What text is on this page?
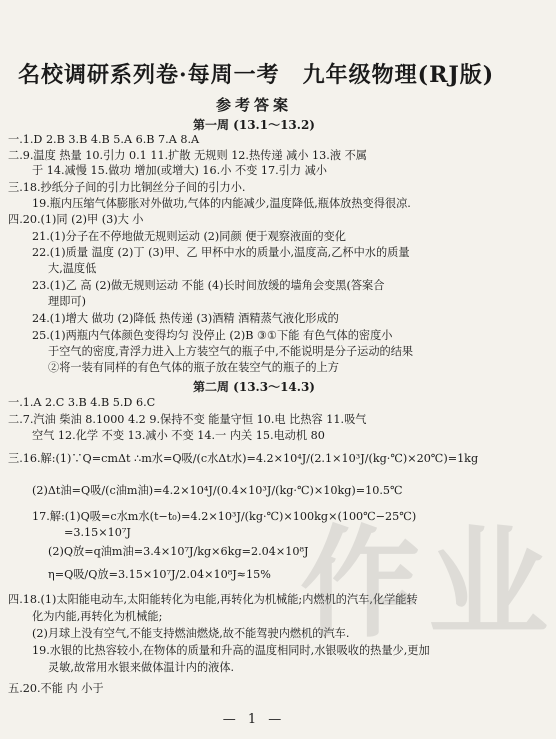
名校调研系列卷·每周一考　九年级物理(RJ版)
参考答案
第一周 (13.1～13.2)
一.1.D 2.B 3.B 4.B 5.A 6.B 7.A 8.A
二.9.温度 热量 10.引力 0.1 11.扩散 无规则 12.热传递 减小 13.液 不属
于 14.减慢 15.做功 增加(或增大) 16.小 不变 17.引力 减小
三.18.抄纸分子间的引力比铜丝分子间的引力小.
19.瓶内压缩气体膨胀对外做功,气体的内能减少,温度降低,瓶体放热变得很凉.
四.20.(1)同 (2)甲 (3)大 小
21.(1)分子在不停地做无规则运动 (2)同颜 便于观察液面的变化
22.(1)质量 温度 (2)丁 (3)甲、乙 甲杯中水的质量小,温度高,乙杯中水的质量
大,温度低
23.(1)乙 高 (2)做无规则运动 不能 (4)长时间放缓的墙角会变黑(答案合
理即可)
24.(1)增大 做功 (2)降低 热传递 (3)酒精 酒精蒸气液化形成的
25.(1)两瓶内气体颜色变得均匀 没停止 (2)B ③①下能 有色气体的密度小
于空气的密度,青浮力进入上方装空气的瓶子中,不能说明是分子运动的结果
②将一装有同样的有色气体的瓶子放在装空气的瓶子的上方
第二周 (13.3～14.3)
一.1.A 2.C 3.B 4.B 5.D 6.C
二.7.汽油 柴油 8.1000 4.2 9.保持不变 能量守恒 10.电 比热容 11.吸气
空气 12.化学 不变 13.减小 不变 14.一 内关 15.电动机 80
三.16.解:(1)∵Q=cmΔt ∴m水=Q吸/(c水Δt水)=4.2×10⁴J/(2.1×10³J/(kg·℃)×20℃)=1kg
(2)Δt油=Q吸/(c油m油)=4.2×10⁴J/(0.4×10³J/(kg·℃)×10kg)=10.5℃
17.解:(1)Q吸=c水m水(t−t₀)=4.2×10³J/(kg·℃)×100kg×(100℃−25℃)
=3.15×10⁷J
(2)Q放=q油m油=3.4×10⁷J/kg×6kg=2.04×10⁸J
η=Q吸/Q放=3.15×10⁷J/2.04×10⁸J≈15%
四.18.(1)太阳能电动车,太阳能转化为电能,再转化为机械能;内燃机的汽车,化学能转
化为内能,再转化为机械能;
(2)月球上没有空气,不能支持燃油燃烧,故不能驾驶内燃机的汽车.
19.水银的比热容较小,在物体的质量和升高的温度相同时,水银吸收的热量少,更加
灵敏,故常用水银来做体温计内的液体.
五.20.不能 内 小于
作业
— 1 —
